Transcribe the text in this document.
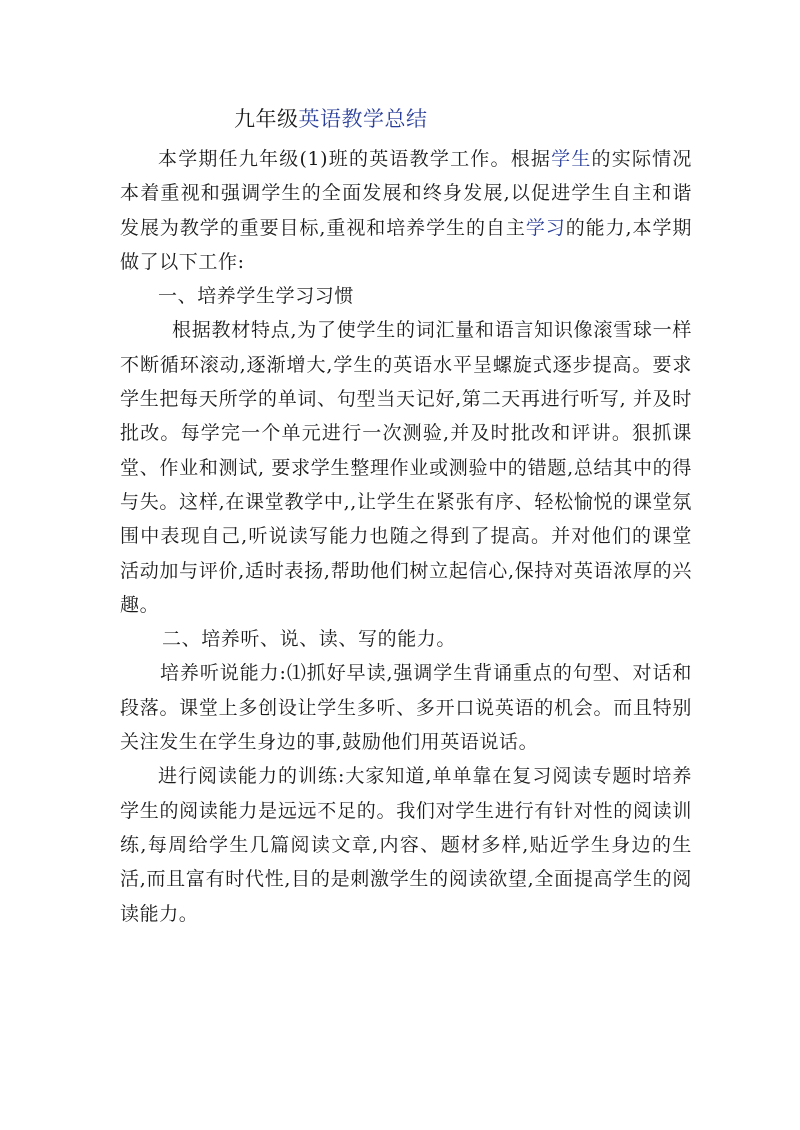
九年级英语教学总结

本学期任九年级(1)班的英语教学工作。根据学生的实际情况本着重视和强调学生的全面发展和终身发展,以促进学生自主和谐发展为教学的重要目标,重视和培养学生的自主学习的能力,本学期做了以下工作:

一、培养学生学习习惯

根据教材特点,为了使学生的词汇量和语言知识像滚雪球一样不断循环滚动,逐渐增大,学生的英语水平呈螺旋式逐步提高。要求学生把每天所学的单词、句型当天记好,第二天再进行听写, 并及时批改。每学完一个单元进行一次测验,并及时批改和评讲。狠抓课堂、作业和测试, 要求学生整理作业或测验中的错题,总结其中的得与失。这样,在课堂教学中,,让学生在紧张有序、轻松愉悦的课堂氛围中表现自己,听说读写能力也随之得到了提高。并对他们的课堂活动加与评价,适时表扬,帮助他们树立起信心,保持对英语浓厚的兴趣。

二、培养听、说、读、写的能力。

培养听说能力:⑴抓好早读,强调学生背诵重点的句型、对话和段落。课堂上多创设让学生多听、多开口说英语的机会。而且特别关注发生在学生身边的事,鼓励他们用英语说话。

进行阅读能力的训练:大家知道,单单靠在复习阅读专题时培养学生的阅读能力是远远不足的。我们对学生进行有针对性的阅读训练,每周给学生几篇阅读文章,内容、题材多样,贴近学生身边的生活,而且富有时代性,目的是刺激学生的阅读欲望,全面提高学生的阅读能力。
